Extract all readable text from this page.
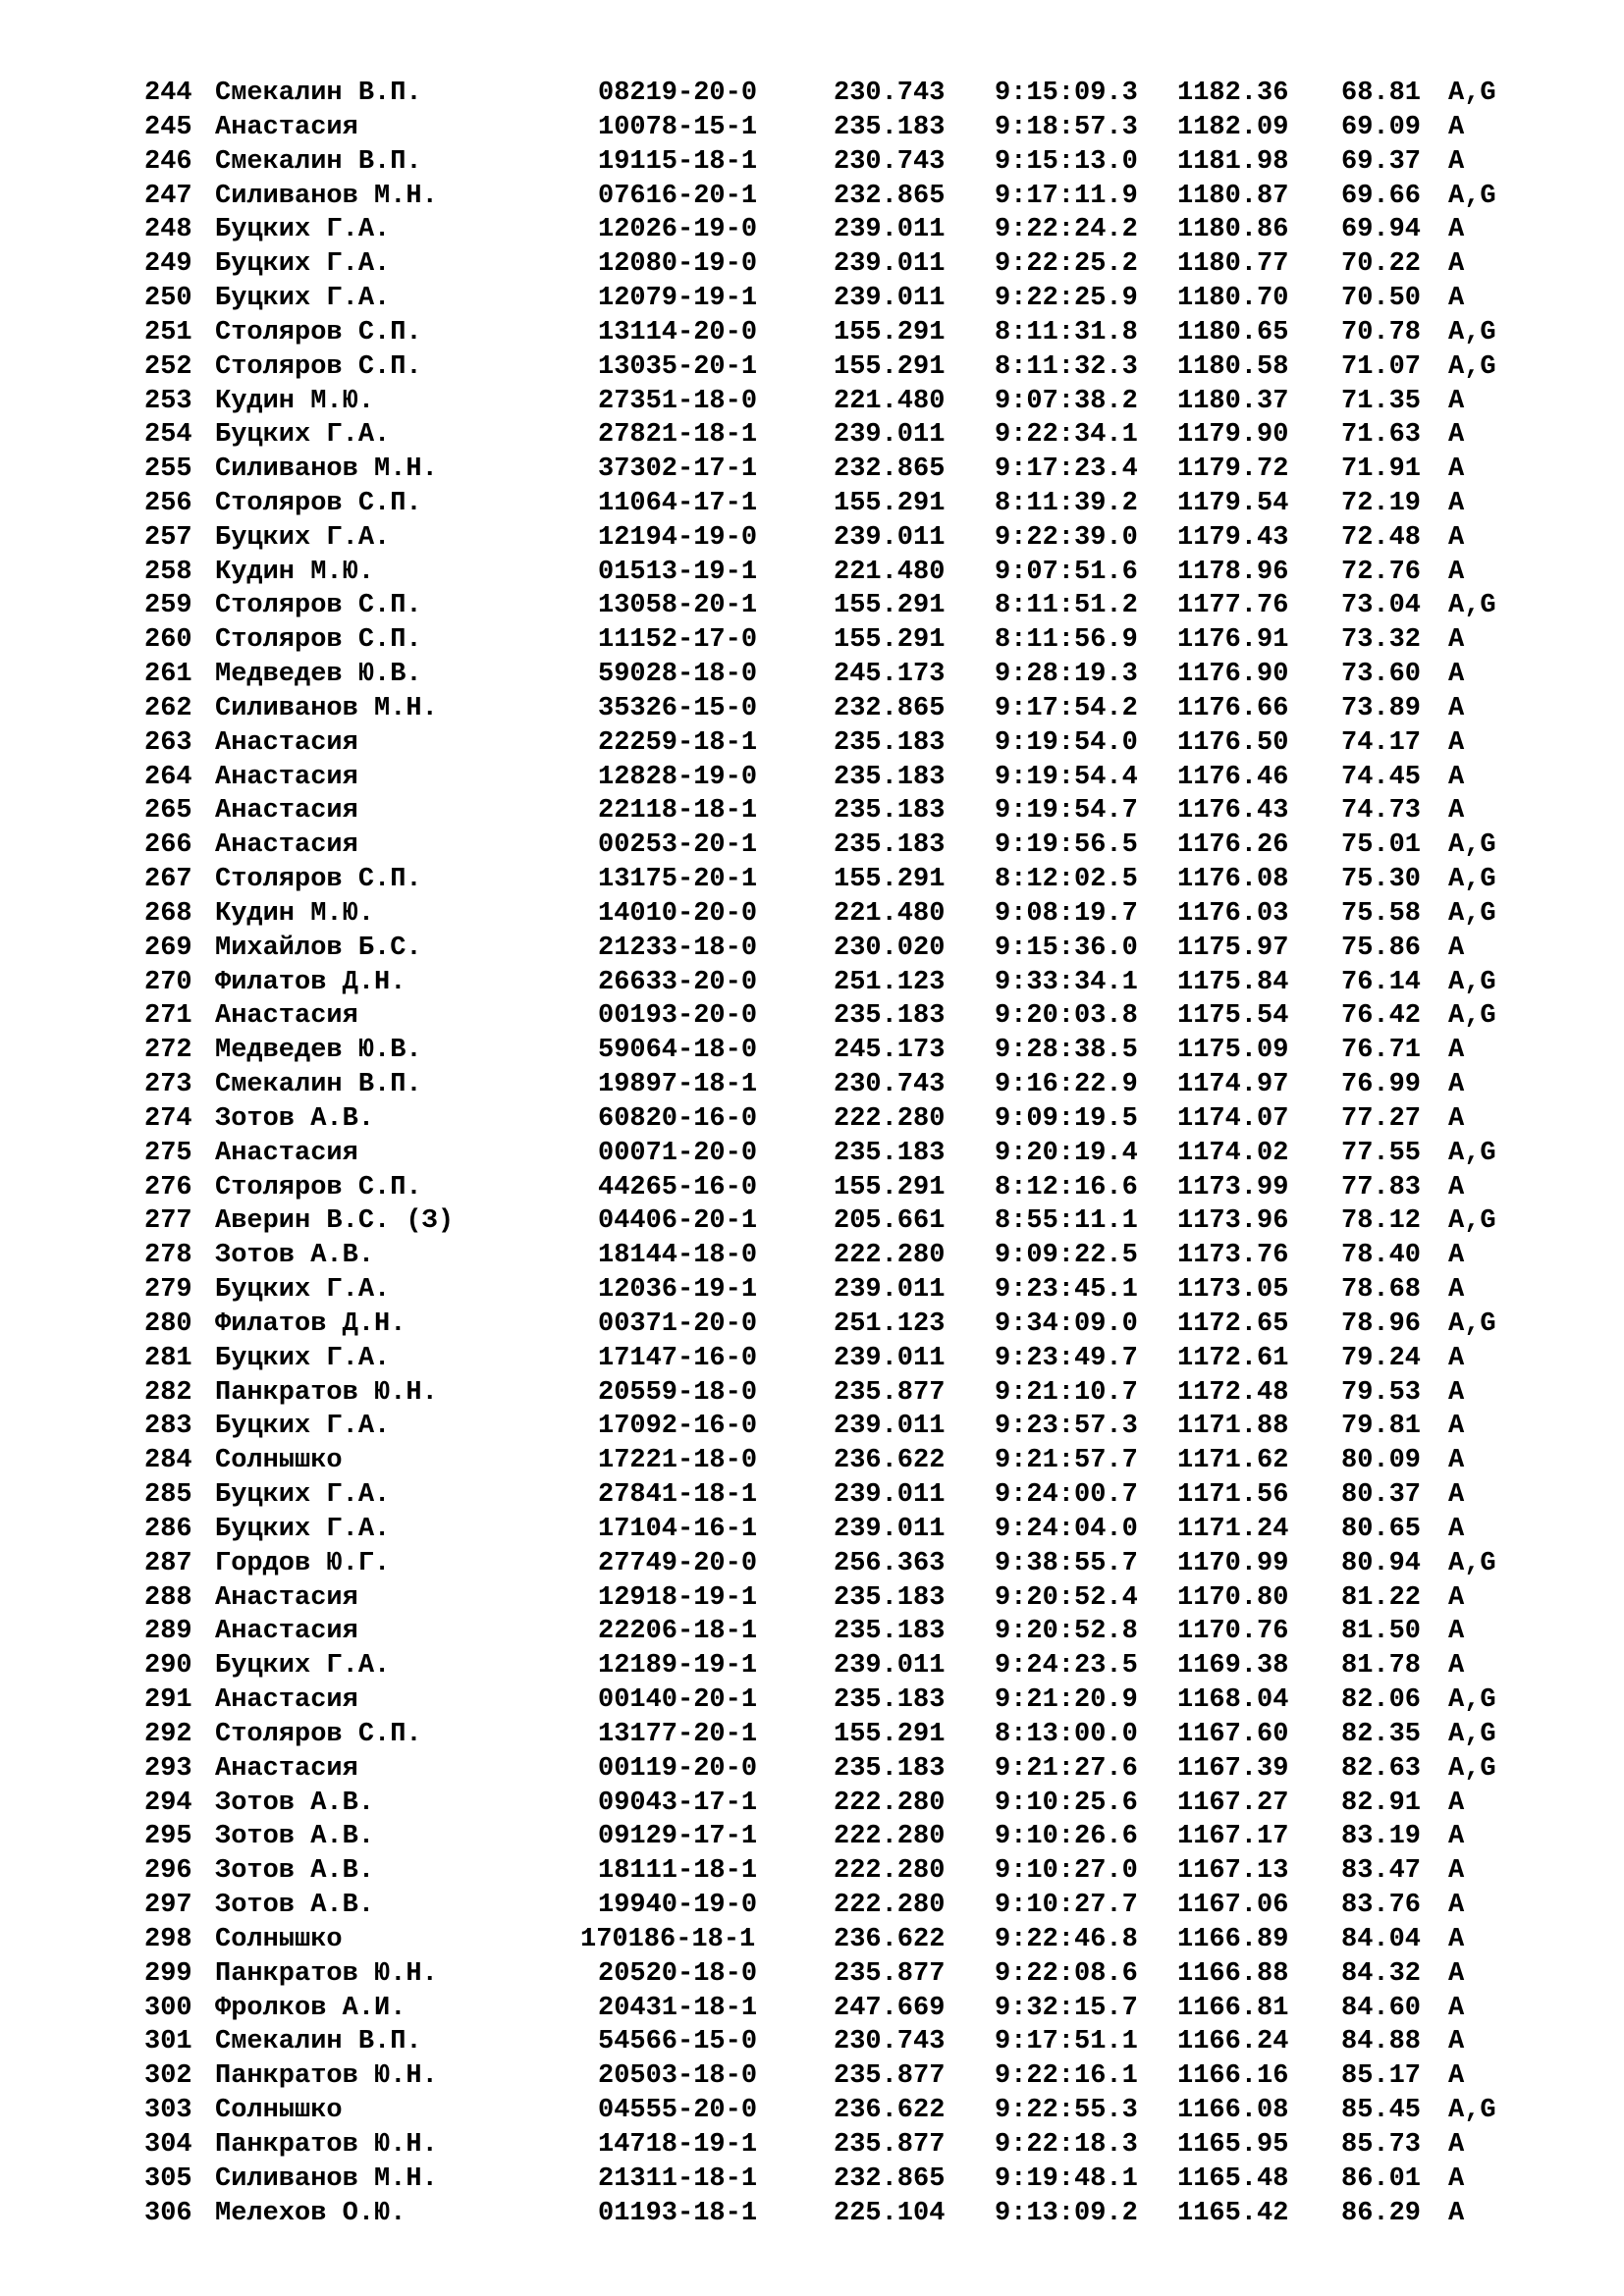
244 Смекалин В.П.	08219-20-0	230.743 9:15:09.3 1182.36 68.81 A,G
245 Анастасия	10078-15-1	235.183 9:18:57.3 1182.09 69.09 A
246 Смекалин В.П.	19115-18-1	230.743 9:15:13.0 1181.98 69.37 A
247 Силиванов М.Н.	07616-20-1	232.865 9:17:11.9 1180.87 69.66 A,G
248 Буцких Г.А.	12026-19-0	239.011 9:22:24.2 1180.86 69.94 A
249 Буцких Г.А.	12080-19-0	239.011 9:22:25.2 1180.77 70.22 A
250 Буцких Г.А.	12079-19-1	239.011 9:22:25.9 1180.70 70.50 A
251 Столяров С.П.	13114-20-0	155.291 8:11:31.8 1180.65 70.78 A,G
252 Столяров С.П.	13035-20-1	155.291 8:11:32.3 1180.58 71.07 A,G
253 Кудин М.Ю.	27351-18-0	221.480 9:07:38.2 1180.37 71.35 A
254 Буцких Г.А.	27821-18-1	239.011 9:22:34.1 1179.90 71.63 A
255 Силиванов М.Н.	37302-17-1	232.865 9:17:23.4 1179.72 71.91 A
256 Столяров С.П.	11064-17-1	155.291 8:11:39.2 1179.54 72.19 A
257 Буцких Г.А.	12194-19-0	239.011 9:22:39.0 1179.43 72.48 A
258 Кудин М.Ю.	01513-19-1	221.480 9:07:51.6 1178.96 72.76 A
259 Столяров С.П.	13058-20-1	155.291 8:11:51.2 1177.76 73.04 A,G
260 Столяров С.П.	11152-17-0	155.291 8:11:56.9 1176.91 73.32 A
261 Медведев Ю.В.	59028-18-0	245.173 9:28:19.3 1176.90 73.60 A
262 Силиванов М.Н.	35326-15-0	232.865 9:17:54.2 1176.66 73.89 A
263 Анастасия	22259-18-1	235.183 9:19:54.0 1176.50 74.17 A
264 Анастасия	12828-19-0	235.183 9:19:54.4 1176.46 74.45 A
265 Анастасия	22118-18-1	235.183 9:19:54.7 1176.43 74.73 A
266 Анастасия	00253-20-1	235.183 9:19:56.5 1176.26 75.01 A,G
267 Столяров С.П.	13175-20-1	155.291 8:12:02.5 1176.08 75.30 A,G
268 Кудин М.Ю.	14010-20-0	221.480 9:08:19.7 1176.03 75.58 A,G
269 Михайлов Б.С.	21233-18-0	230.020 9:15:36.0 1175.97 75.86 A
270 Филатов Д.Н.	26633-20-0	251.123 9:33:34.1 1175.84 76.14 A,G
271 Анастасия	00193-20-0	235.183 9:20:03.8 1175.54 76.42 A,G
272 Медведев Ю.В.	59064-18-0	245.173 9:28:38.5 1175.09 76.71 A
273 Смекалин В.П.	19897-18-1	230.743 9:16:22.9 1174.97 76.99 A
274 Зотов А.В.	60820-16-0	222.280 9:09:19.5 1174.07 77.27 A
275 Анастасия	00071-20-0	235.183 9:20:19.4 1174.02 77.55 A,G
276 Столяров С.П.	44265-16-0	155.291 8:12:16.6 1173.99 77.83 A
277 Аверин В.С. (З)	04406-20-1	205.661 8:55:11.1 1173.96 78.12 A,G
278 Зотов А.В.	18144-18-0	222.280 9:09:22.5 1173.76 78.40 A
279 Буцких Г.А.	12036-19-1	239.011 9:23:45.1 1173.05 78.68 A
280 Филатов Д.Н.	00371-20-0	251.123 9:34:09.0 1172.65 78.96 A,G
281 Буцких Г.А.	17147-16-0	239.011 9:23:49.7 1172.61 79.24 A
282 Панкратов Ю.Н.	20559-18-0	235.877 9:21:10.7 1172.48 79.53 A
283 Буцких Г.А.	17092-16-0	239.011 9:23:57.3 1171.88 79.81 A
284 Солнышко	17221-18-0	236.622 9:21:57.7 1171.62 80.09 A
285 Буцких Г.А.	27841-18-1	239.011 9:24:00.7 1171.56 80.37 A
286 Буцких Г.А.	17104-16-1	239.011 9:24:04.0 1171.24 80.65 A
287 Гордов Ю.Г.	27749-20-0	256.363 9:38:55.7 1170.99 80.94 A,G
288 Анастасия	12918-19-1	235.183 9:20:52.4 1170.80 81.22 A
289 Анастасия	22206-18-1	235.183 9:20:52.8 1170.76 81.50 A
290 Буцких Г.А.	12189-19-1	239.011 9:24:23.5 1169.38 81.78 A
291 Анастасия	00140-20-1	235.183 9:21:20.9 1168.04 82.06 A,G
292 Столяров С.П.	13177-20-1	155.291 8:13:00.0 1167.60 82.35 A,G
293 Анастасия	00119-20-0	235.183 9:21:27.6 1167.39 82.63 A,G
294 Зотов А.В.	09043-17-1	222.280 9:10:25.6 1167.27 82.91 A
295 Зотов А.В.	09129-17-1	222.280 9:10:26.6 1167.17 83.19 A
296 Зотов А.В.	18111-18-1	222.280 9:10:27.0 1167.13 83.47 A
297 Зотов А.В.	19940-19-0	222.280 9:10:27.7 1167.06 83.76 A
298 Солнышко	170186-18-1	236.622 9:22:46.8 1166.89 84.04 A
299 Панкратов Ю.Н.	20520-18-0	235.877 9:22:08.6 1166.88 84.32 A
300 Фролков А.И.	20431-18-1	247.669 9:32:15.7 1166.81 84.60 A
301 Смекалин В.П.	54566-15-0	230.743 9:17:51.1 1166.24 84.88 A
302 Панкратов Ю.Н.	20503-18-0	235.877 9:22:16.1 1166.16 85.17 A
303 Солнышко	04555-20-0	236.622 9:22:55.3 1166.08 85.45 A,G
304 Панкратов Ю.Н.	14718-19-1	235.877 9:22:18.3 1165.95 85.73 A
305 Силиванов М.Н.	21311-18-1	232.865 9:19:48.1 1165.48 86.01 A
306 Мелехов О.Ю.	01193-18-1	225.104 9:13:09.2 1165.42 86.29 A
